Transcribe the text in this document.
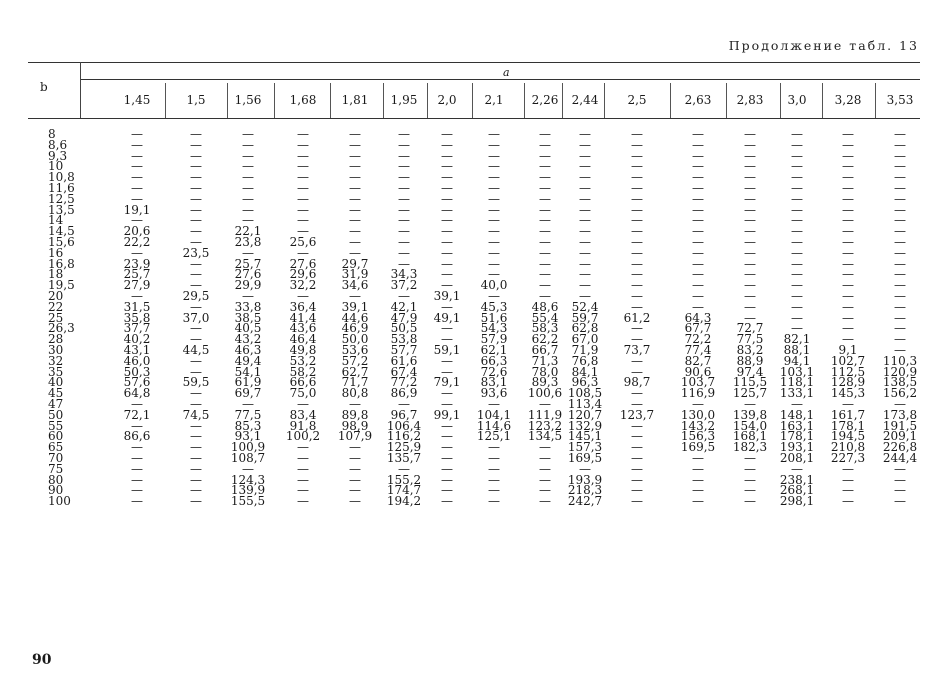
Продолжение табл. 13
b
a
1,45	1,5 1,56 1,68 1,81 1,95 2,0 2,1 2,26 2,44 2,5	2,63 2,83 3,0 3,28 3,53
8	—	—	—	—	—	—	—	—	— —	—	—	—	—	—	—
8,6	—	—	—	—	—	—	—	—	— —	—	—	—	—	—	—
9,3	—	—	—	—	—	—	—	—	— —	—	—	—	—	—	—
10	—	—	—	—	—	—	—	—	— —	—	—	—	—	—	—
10,8	—	—	—	—	—	—	—	—	— —	—	—	—	—	—	—
11,6	—	—	—	—	—	—	—	—	— —	—	—	—	—	—	—
12,5	—	—	—	—	—	—	—	—	— —	—	—	—	—	—	—
13,5	19,1	—	—	—	—	—	—	—	— —	—	—	—	—	—	—
14	—	—	—	—	—	—	—	—	— —	—	—	—	—	—	—
14,5	20,6	—	22,1	—	—	—	—	—	— —	—	—	—	—	—	—
15,6	22,2	—	23,8 25,6	—	—	—	—	— —	—	—	—	—	—	—
16	—	23,5	—	—	—	—	—	—	— —	—	—	—	—	—	—
16,8	23,9	—	25,7 27,6 29,7 —	—	—	— —	—	—	—	—	—	—
18	25,7	—	27,6 29,6 31,9 34,3 —	—	— —	—	—	—	—	—	—
19,5	27,9	—	29,9 32,2 34,6 37,2 — 40,0	— —	—	—	—	—	—	—
20	—	29,5	—	—	—	— 39,1 —	— —	—	—	—	—	—	—
22	31,5	—	33,8 36,4 39,1 42,1 — 45,3 48,6 52,4	—	—	—	—	—	—
25	35,8	37,0 38,5 41,4 44,6 47,9 49,1 51,6 55,4 59,7 61,2	64,3	—	—	—	—
26,3	37,7	—	40,5 43,6 46,9 50,5 — 54,3 58,3 62,8	—	67,7 72,7 —	—	—
28	40,2	—	43,2 46,4 50,0 53,8 — 57,9 62,2 67,0	—	72,2 77,5 82,1	—	—
30	43,1	44,5 46,3 49,8 53,6 57,7 59,1 62,1 66,7 71,9 73,7	77,4 83,2 88,1 9,1	—
32	46,0	—	49,4 53,2 57,2 61,6 — 66,3 71,3 76,8	—	82,7 88,9 94,1 102,7 110,3
35	50,3	—	54,1 58,2 62,7 67,4 — 72,6 78,0 84,1	—	90,6 97,4 103,1 112,5 120,9
40	57,6	59,5 61,9 66,6 71,7 77,2 79,1 83,1 89,3 96,3 98,7	103,7 115,5 118,1 128,9 138,5
45	64,8	—	69,7 75,0 80,8 86,9 — 93,6 100,6 108,5 —	116,9 125,7 133,1 145,3 156,2
47	—	—	—	—	—	—	—	—	— 113,4 —	—	—	—	—	—
50	72,1	74,5 77,5 83,4 89,8 96,7 99,1 104,1 111,9 120,7 123,7 130,0 139,8 148,1 161,7 173,8
55	—	—	85,3 91,8 98,9 106,4 — 114,6 123,2 132,9 —	143,2 154,0 163,1 178,1 191,5
60	86,6	—	93,1 100,2 107,9 116,2 — 125,1 134,5 145,1 —	156,3 168,1 178,1 194,5 209,1
65	—	— 100,9	—	— 125,9 —	—	— 157,3 —	169,5 182,3 193,1 210,8 226,8
70	—	— 108,7	—	— 135,7 —	—	— 169,5 —	—	— 208,1 227,3 244,4
75	—	—	—	—	—	—	—	—	— —	—	—	—	—	—	—
80	—	— 124,3	—	— 155,2 —	—	— 193,9 —	—	— 238,1 —	—
90	—	— 139,9	—	— 174,7 —	—	— 218,3 —	—	— 268,1 —	—
100	—	— 155,5	—	— 194,2 —	—	— 242,7 —	—	— 298,1 —	—
90
